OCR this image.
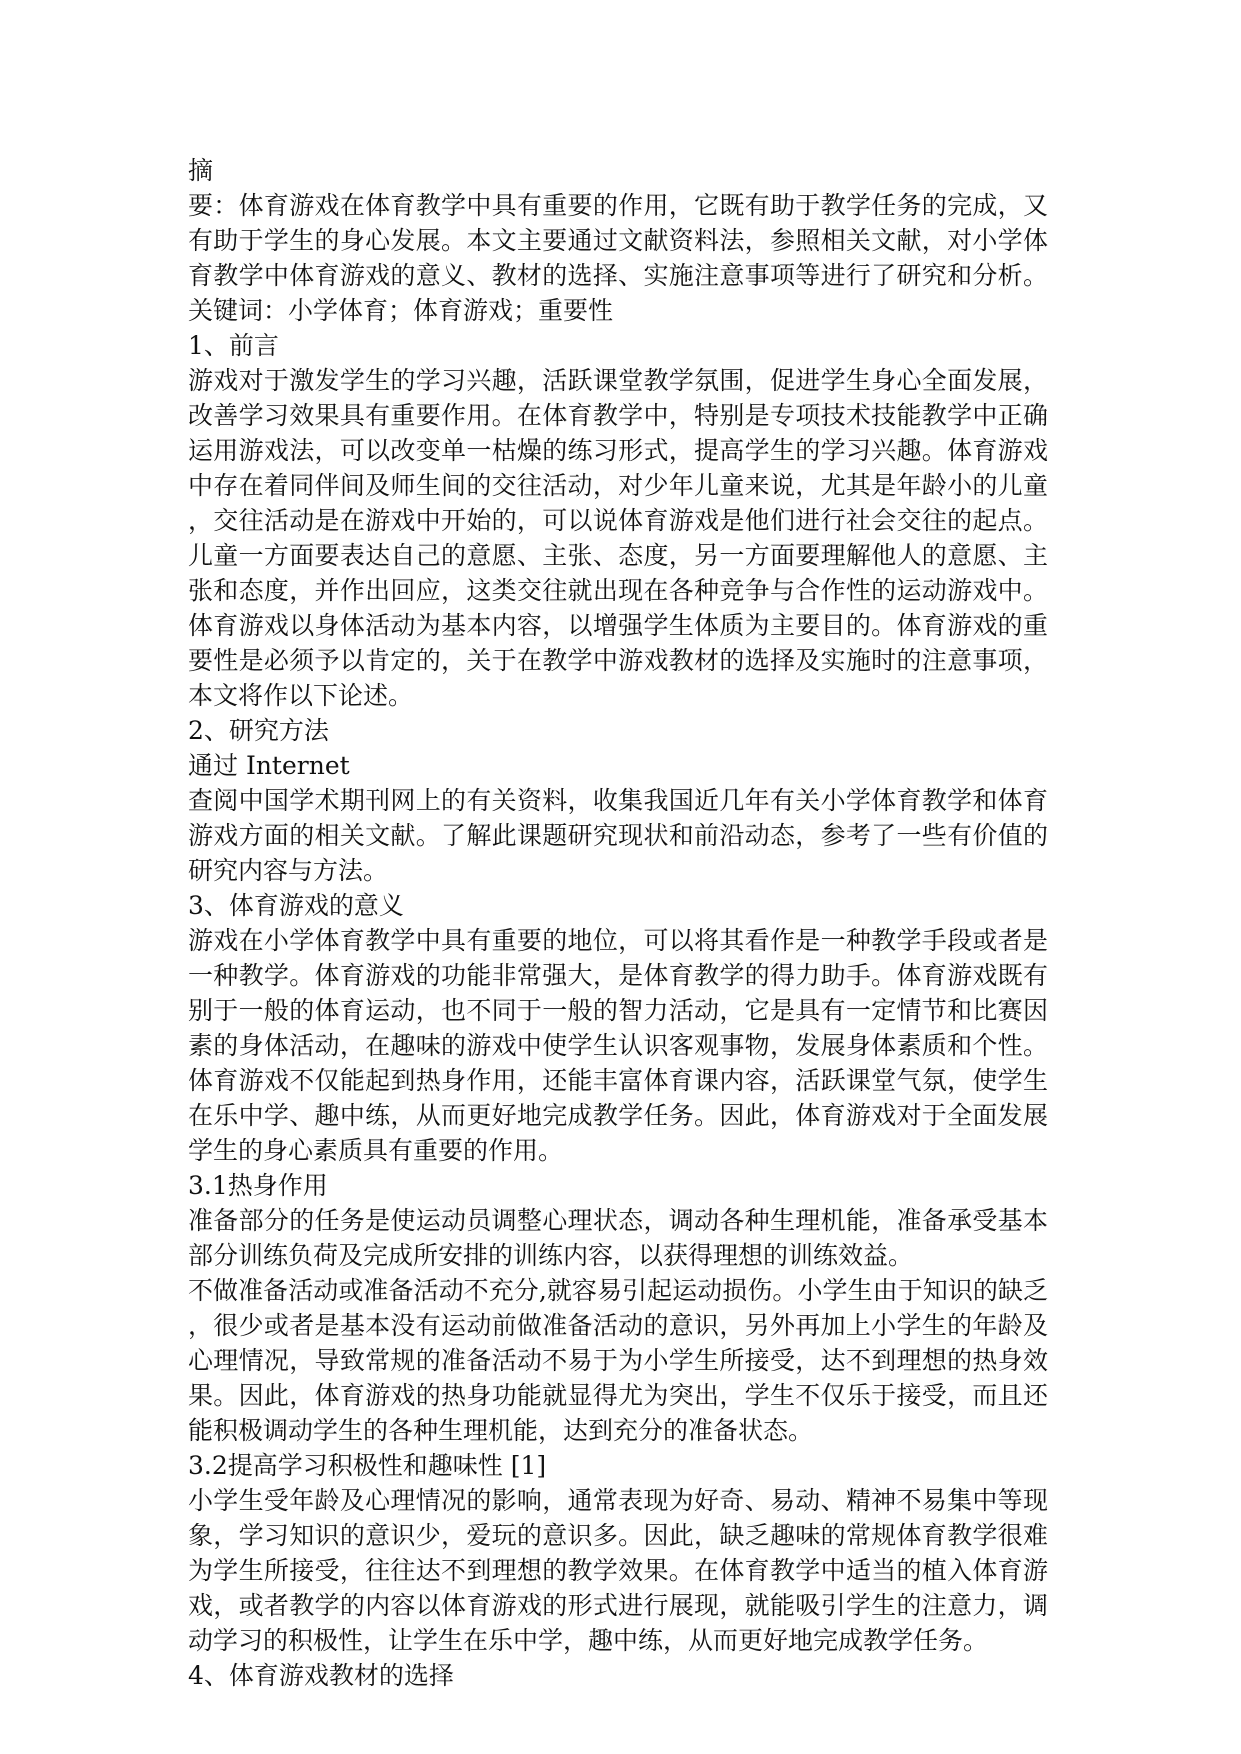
摘
要：体育游戏在体育教学中具有重要的作用，它既有助于教学任务的完成，又
有助于学生的身心发展。本文主要通过文献资料法，参照相关文献，对小学体
育教学中体育游戏的意义、教材的选择、实施注意事项等进行了研究和分析。
关键词：小学体育；体育游戏；重要性
1、前言
游戏对于激发学生的学习兴趣，活跃课堂教学氛围，促进学生身心全面发展，
改善学习效果具有重要作用。在体育教学中，特别是专项技术技能教学中正确
运用游戏法，可以改变单一枯燥的练习形式，提高学生的学习兴趣。体育游戏
中存在着同伴间及师生间的交往活动，对少年儿童来说，尤其是年龄小的儿童
，交往活动是在游戏中开始的，可以说体育游戏是他们进行社会交往的起点。
儿童一方面要表达自己的意愿、主张、态度，另一方面要理解他人的意愿、主
张和态度，并作出回应，这类交往就出现在各种竞争与合作性的运动游戏中。
体育游戏以身体活动为基本内容，以增强学生体质为主要目的。体育游戏的重
要性是必须予以肯定的，关于在教学中游戏教材的选择及实施时的注意事项，
本文将作以下论述。
2、研究方法
通过 Internet
查阅中国学术期刊网上的有关资料，收集我国近几年有关小学体育教学和体育
游戏方面的相关文献。了解此课题研究现状和前沿动态，参考了一些有价值的
研究内容与方法。
3、体育游戏的意义
游戏在小学体育教学中具有重要的地位，可以将其看作是一种教学手段或者是
一种教学。体育游戏的功能非常强大，是体育教学的得力助手。体育游戏既有
别于一般的体育运动，也不同于一般的智力活动，它是具有一定情节和比赛因
素的身体活动，在趣味的游戏中使学生认识客观事物，发展身体素质和个性。
体育游戏不仅能起到热身作用，还能丰富体育课内容，活跃课堂气氛，使学生
在乐中学、趣中练，从而更好地完成教学任务。因此，体育游戏对于全面发展
学生的身心素质具有重要的作用。
3.1热身作用
准备部分的任务是使运动员调整心理状态，调动各种生理机能，准备承受基本
部分训练负荷及完成所安排的训练内容，以获得理想的训练效益。
不做准备活动或准备活动不充分,就容易引起运动损伤。小学生由于知识的缺乏
，很少或者是基本没有运动前做准备活动的意识，另外再加上小学生的年龄及
心理情况，导致常规的准备活动不易于为小学生所接受，达不到理想的热身效
果。因此，体育游戏的热身功能就显得尤为突出，学生不仅乐于接受，而且还
能积极调动学生的各种生理机能，达到充分的准备状态。
3.2提高学习积极性和趣味性 [1]
小学生受年龄及心理情况的影响，通常表现为好奇、易动、精神不易集中等现
象，学习知识的意识少，爱玩的意识多。因此，缺乏趣味的常规体育教学很难
为学生所接受，往往达不到理想的教学效果。在体育教学中适当的植入体育游
戏，或者教学的内容以体育游戏的形式进行展现，就能吸引学生的注意力，调
动学习的积极性，让学生在乐中学，趣中练，从而更好地完成教学任务。
4、体育游戏教材的选择
